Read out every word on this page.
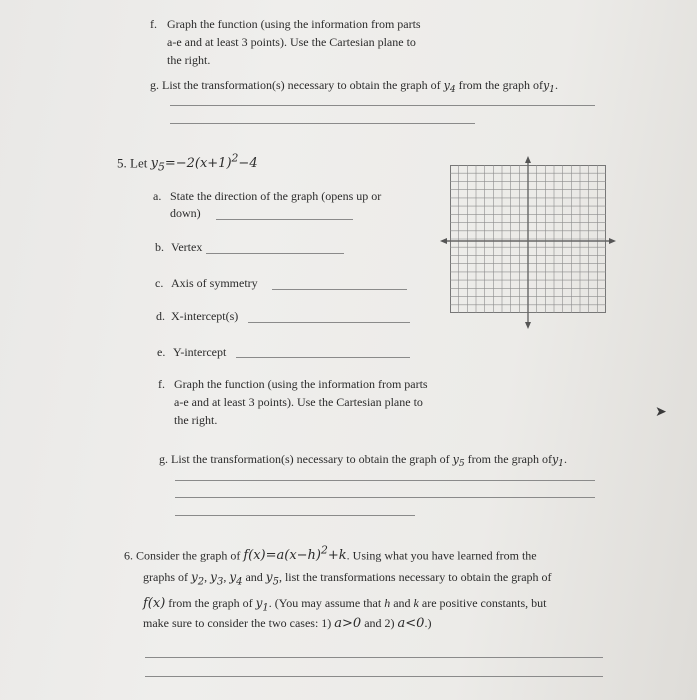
f. Graph the function (using the information from parts
a-e and at least 3 points). Use the Cartesian plane to
the right.
g. List the transformation(s) necessary to obtain the graph of $y_4$ from the graph ofy$_1$.
5. Let $y_5=-2(x+1)^2-4$
a. State the direction of the graph (opens up or
down)
b. Vertex
c. Axis of symmetry
d. X-intercept(s)
e. Y-intercept
f. Graph the function (using the information from parts
a-e and at least 3 points). Use the Cartesian plane to
the right.
g. List the transformation(s) necessary to obtain the graph of $y_5$ from the graph ofy$_1$.
6. Consider the graph of $f(x)=a(x-h)^2+k$. Using what you have learned from the
graphs of $y_2$, $y_3$, $y_4$ and $y_5$, list the transformations necessary to obtain the graph of
f(x) from the graph of $y_1$. (You may assume that h and k are positive constants, but
make sure to consider the two cases: 1) a>0 and 2) a<0.)
➤
